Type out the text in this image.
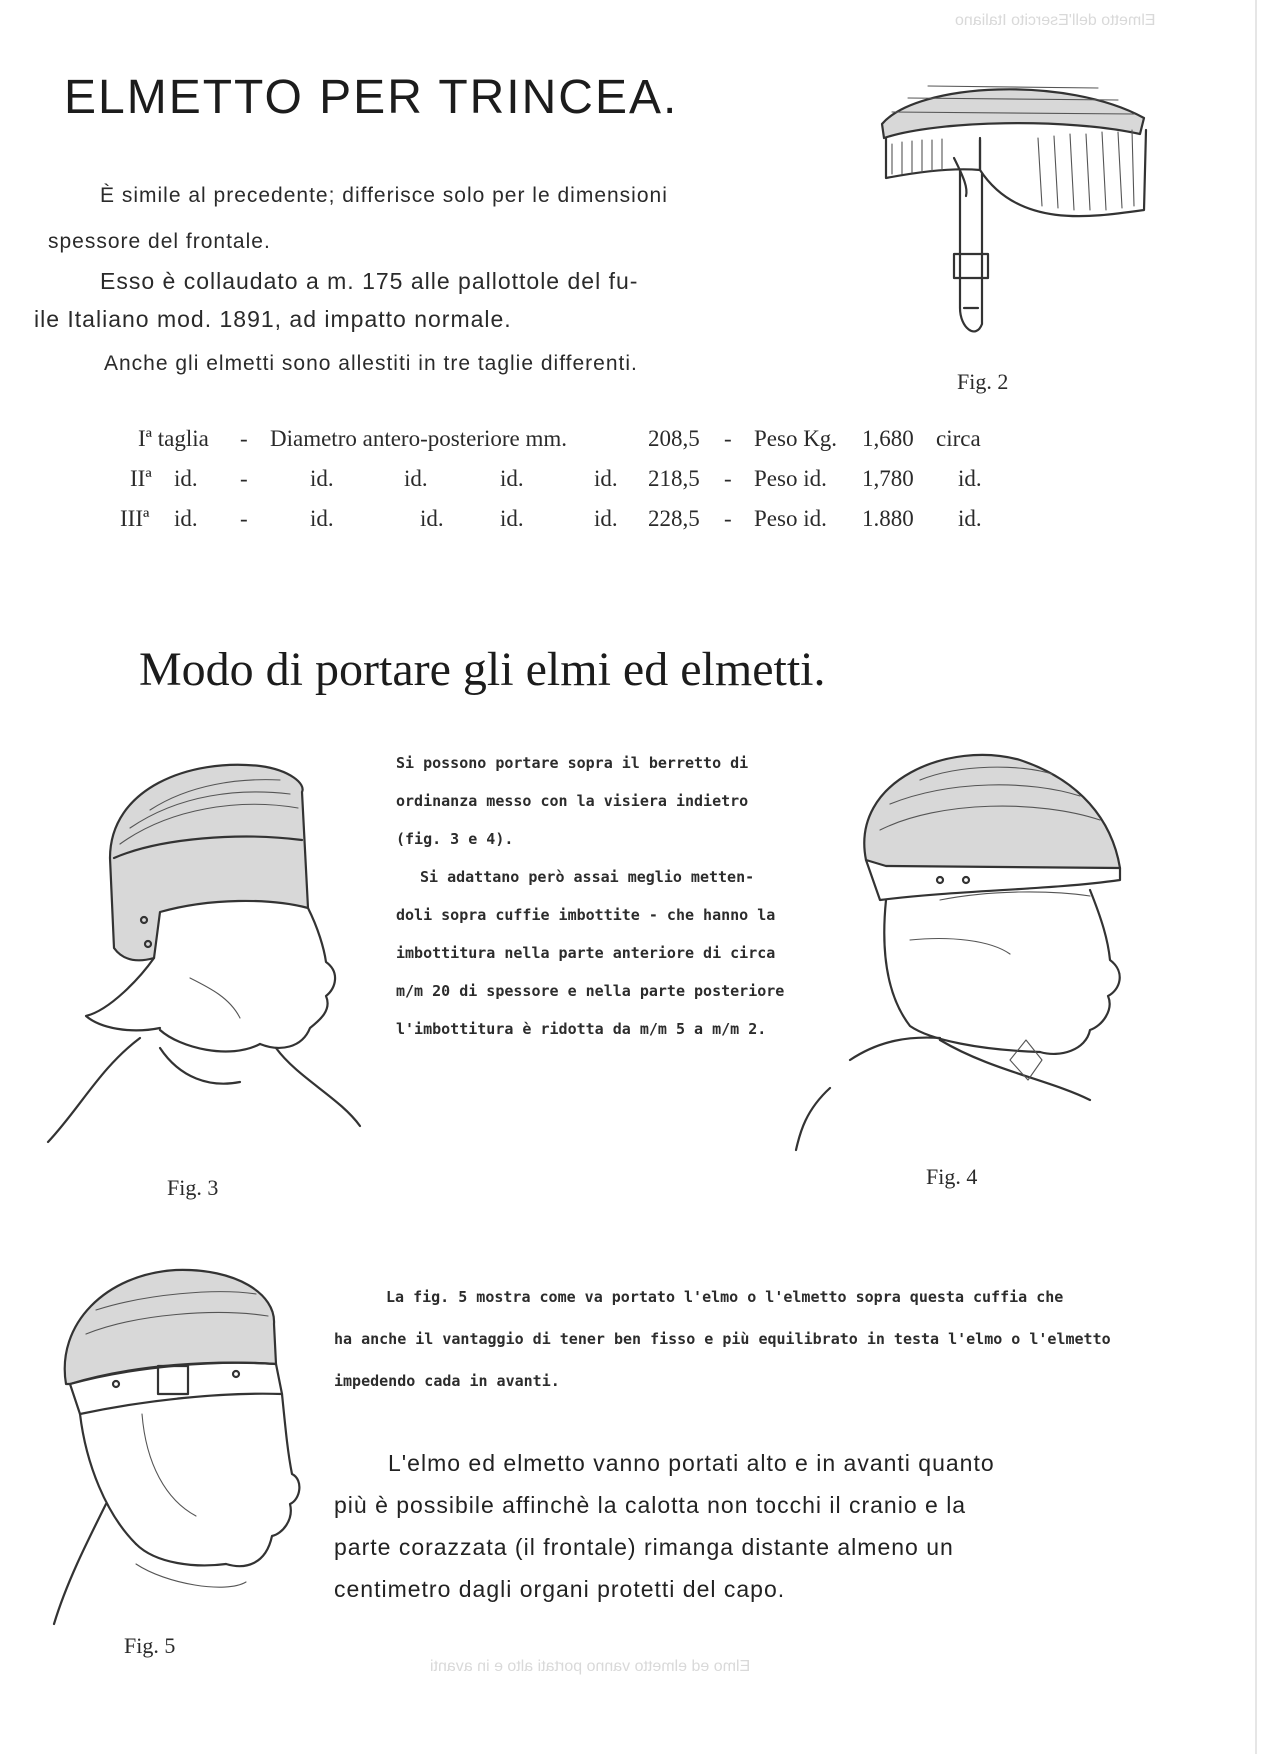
Elmetto dell'Esercito Italiano
Elmo ed elmetto vanno portati alto e in avanti
ELMETTO PER TRINCEA.
È simile al precedente; differisce solo per le dimensioni
spessore del frontale.
Esso è collaudato a m. 175 alle pallottole del fu-
ile Italiano mod. 1891, ad impatto normale.
Anche gli elmetti sono allestiti in tre taglie differenti.
Fig. 2
Iª taglia - Diametro antero-posteriore mm.	208,5 - Peso Kg. 1,680 circa
IIª id. -	id.	id.	id.	id. 218,5 - Peso id. 1,780 id.
IIIª id. -	id.	id. id.	id. 228,5 - Peso id. 1.880 id.
Modo di portare gli elmi ed elmetti.
Fig. 3
Si possono portare sopra il berretto di
ordinanza messo con la visiera indietro
(fig. 3 e 4).
Si adattano però assai meglio metten-
doli sopra cuffie imbottite - che hanno la
imbottitura nella parte anteriore di circa
m/m 20 di spessore e nella parte posteriore
l'imbottitura è ridotta da m/m 5 a m/m 2.
Fig. 4
Fig. 5
La fig. 5 mostra come va portato l'elmo o l'elmetto sopra questa cuffia che
ha anche il vantaggio di tener ben fisso e più equilibrato in testa l'elmo o l'elmetto
impedendo cada in avanti.
L'elmo ed elmetto vanno portati alto e in avanti quanto
più è possibile affinchè la calotta non tocchi il cranio e la
parte corazzata (il frontale) rimanga distante almeno un
centimetro dagli organi protetti del capo.
